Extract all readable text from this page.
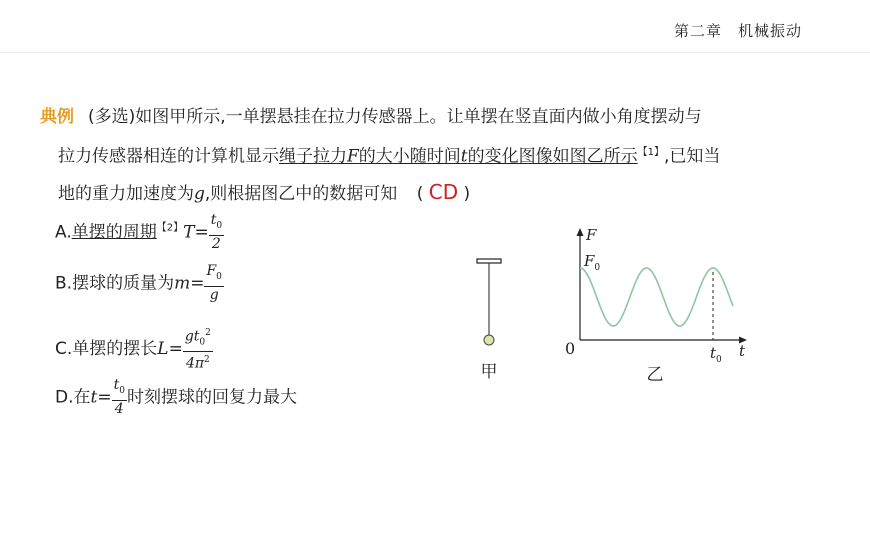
第二章　机械振动
典例 (多选)如图甲所示,一单摆悬挂在拉力传感器上。让单摆在竖直面内做小角度摆动与
拉力传感器相连的计算机显示绳子拉力F的大小随时间t的变化图像如图乙所示$^{【1】}$,已知当
地的重力加速度为g,则根据图乙中的数据可知 ( CD )
A.单摆的周期$^{【2】}T= \frac{t_0}{2}$
B.摆球的质量为$m= \frac{F_0}{g}$
C.单摆的摆长$L= \frac{gt_0^2}{4\pi^2}$
D.在$t= \frac{t_0}{4}$ 时刻摆球的回复力最大
甲
F
t
0
$F_0$
$t_0$
乙
